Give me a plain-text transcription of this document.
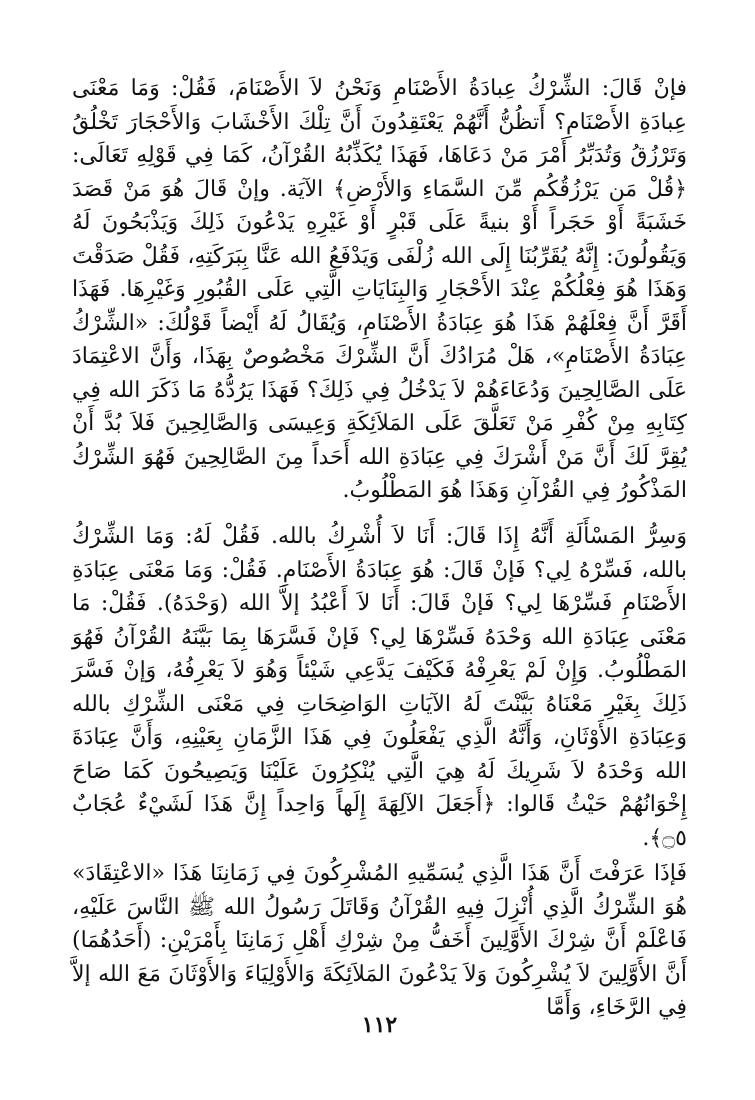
فإنْ قَالَ: الشِّرْكُ عِبادَةُ الأَصْنَامِ وَنَحْنُ لاَ الأَصْنَامَ، فَقُلْ: وَمَا مَعْنَى عِبادَةِ الأَصْنَامِ؟ أَتظُنُّ أَنَّهُمْ يَعْتَقِدُونَ أَنَّ تِلْكَ الأَخْشَابَ وَالأَحْجَارَ تَخْلُقُ وَتَرْزُقُ وَتُدَبِّرُ أَمْرَ مَنْ دَعَاهَا، فَهَذَا يُكَذِّبُهُ القُرْآنُ، كَمَا فِي قَوْلِهِ تَعَالَى: ﴿قُلْ مَن يَرْزُقُكُم مِّنَ السَّمَاءِ وَالأَرْضِ﴾ الآيَة. وإنْ قَالَ هُوَ مَنْ قَصَدَ خَشَبَةً أَوْ حَجَراً أَوْ بنيةً عَلَى قَبْرٍ أَوْ غَيْرِهِ يَدْعُونَ ذَلِكَ وَيَذْبَحُونَ لَهُ وَيَقُولُونَ: إِنَّهُ يُقَرِّبُنَا إِلَى الله زُلْفَى وَيَدْفَعُ الله عَنَّا بِبَرَكَتِهِ، فَقُلْ صَدَقْتَ وَهَذَا هُوَ فِعْلُكُمْ عِنْدَ الأَحْجَارِ وَالبِنَايَاتِ الَّتِي عَلَى القُبُورِ وَغَيْرِهَا. فَهَذَا أَقَرَّ أَنَّ فِعْلَهُمْ هَذَا هُوَ عِبَادَةُ الأَصْنَامِ، وَيُقَالُ لَهُ أَيْضاً قَوْلُكَ: «الشِّرْكُ عِبَادَةُ الأَصْنَامِ»، هَلْ مُرَادُكَ أَنَّ الشِّرْكَ مَخْصُوصٌ بِهَذَا، وَأَنَّ الاعْتِمَادَ عَلَى الصَّالِحِينَ وَدُعَاءَهُمْ لاَ يَدْخُلُ فِي ذَلِكَ؟ فَهَذَا يَرُدُّهُ مَا ذَكَرَ الله فِي كِتَابِهِ مِنْ كُفْرِ مَنْ تَعَلَّقَ عَلَى المَلاَئِكَةِ وَعِيسَى وَالصَّالِحِينَ فَلاَ بُدَّ أَنْ يُقِرَّ لَكَ أَنَّ مَنْ أَشْرَكَ فِي عِبَادَةِ الله أَحَداً مِنَ الصَّالِحِينَ فَهُوَ الشِّرْكُ المَذْكُورُ فِي القُرْآنِ وَهَذَا هُوَ المَطْلُوبُ.

وَسِرُّ المَسْأَلَةِ أَنَّهُ إِذَا قَالَ: أَنَا لاَ أُشْرِكُ بالله. فَقُلْ لَهُ: وَمَا الشِّرْكُ بالله، فَسِّرْهُ لِي؟ فَإنْ قَالَ: هُوَ عِبَادَةُ الأَصْنَامِ. فَقُلْ: وَمَا مَعْنَى عِبَادَةِ الأَصْنَامِ فَسِّرْهَا لِي؟ فَإنْ قَالَ: أَنَا لاَ أَعْبُدُ إلاَّ الله (وَحْدَهُ). فَقُلْ: مَا مَعْنَى عِبَادَةِ الله وَحْدَهُ فَسِّرْهَا لِي؟ فَإنْ فَسَّرَهَا بِمَا بَيَّنَهُ القُرْآنُ فَهُوَ المَطْلُوبُ. وَإِنْ لَمْ يَعْرِفْهُ فَكَيْفَ يَدَّعِي شَيْئاً وَهُوَ لاَ يَعْرِفُهُ، وَإنْ فَسَّرَ ذَلِكَ بِغَيْرِ مَعْنَاهُ بَيَّنْتَ لَهُ الآيَاتِ الوَاضِحَاتِ فِي مَعْنَى الشِّرْكِ بالله وَعِبَادَةِ الأَوْثَانِ، وَأَنَّهُ الَّذِي يَفْعَلُونَ فِي هَذَا الزَّمَانِ بِعَيْنِهِ، وَأَنَّ عِبَادَةَ الله وَحْدَهُ لاَ شَرِيكَ لَهُ هِيَ الَّتِي يُنْكِرُونَ عَلَيْنَا وَيَصِيحُونَ كَمَا صَاحَ إِخْوَانُهُمْ حَيْثُ قَالوا: ﴿أَجَعَلَ الآلِهَةَ إِلَهاً وَاحِداً إِنَّ هَذَا لَشَيْءٌ عُجَابٌ ۝٥﴾.

فَإذَا عَرَفْتَ أَنَّ هَذَا الَّذِي يُسَمِّيهِ المُشْرِكُونَ فِي زَمَانِنَا هَذَا «الاعْتِقَادَ» هُوَ الشِّرْكُ الَّذِي أُنْزِلَ فِيهِ القُرْآنُ وَقَاتَلَ رَسُولُ الله ﷺ النَّاسَ عَلَيْهِ، فَاعْلَمْ أَنَّ شِرْكَ الأَوَّلِينَ أَخَفُّ مِنْ شِرْكِ أَهْلِ زَمَانِنَا بِأَمْرَيْنِ: (أَحَدُهُمَا) أَنَّ الأَوَّلِينَ لاَ يُشْرِكُونَ وَلاَ يَدْعُونَ المَلاَئِكَةَ وَالأَوْلِيَاءَ وَالأَوْثَانَ مَعَ الله إلاَّ فِي الرَّخَاءِ، وَأَمَّا

١١٢
